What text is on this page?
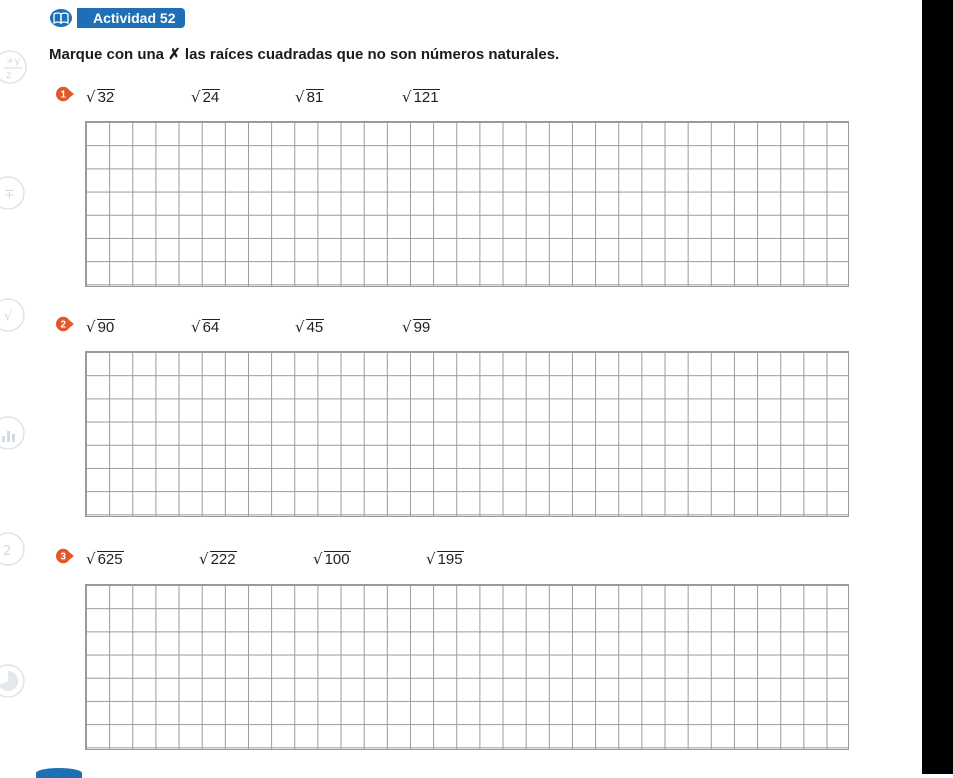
+y
z
∓
√
2
Actividad 52
Marque con una ✗ las raíces cuadradas que no son números naturales.
1 √ 32	√ 24	√ 81	√ 121
2 √ 90	√ 64	√ 45	√ 99
3 √ 625	√ 222	√ 100	√ 195
